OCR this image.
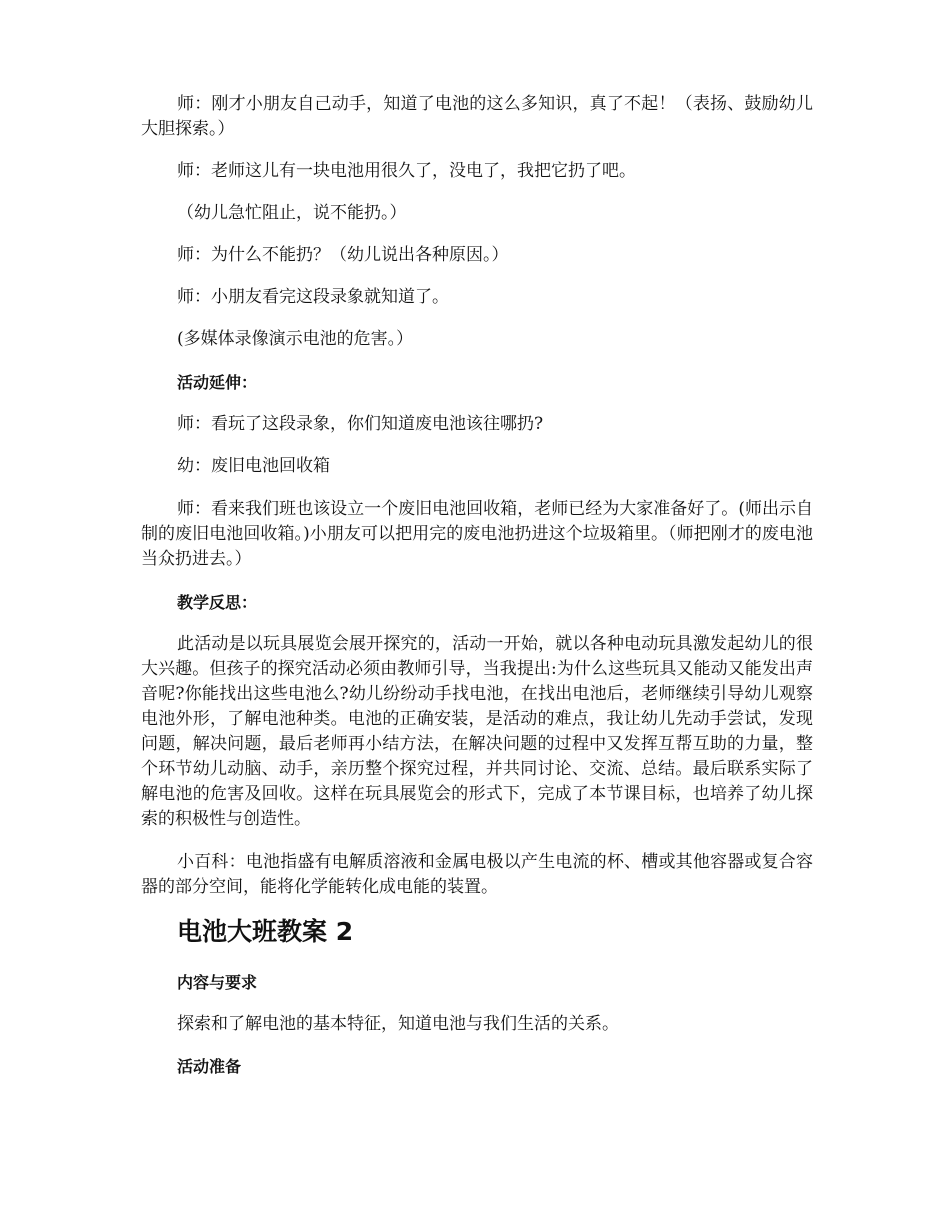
师：刚才小朋友自己动手，知道了电池的这么多知识，真了不起！（表扬、鼓励幼儿大胆探索。）

师：老师这儿有一块电池用很久了，没电了，我把它扔了吧。

（幼儿急忙阻止，说不能扔。）

师：为什么不能扔？（幼儿说出各种原因。）

师：小朋友看完这段录象就知道了。

(多媒体录像演示电池的危害。）

活动延伸：

师：看玩了这段录象，你们知道废电池该往哪扔?

幼：废旧电池回收箱

师：看来我们班也该设立一个废旧电池回收箱，老师已经为大家准备好了。(师出示自制的废旧电池回收箱。)小朋友可以把用完的废电池扔进这个垃圾箱里。（师把刚才的废电池当众扔进去。）

教学反思：

此活动是以玩具展览会展开探究的，活动一开始，就以各种电动玩具激发起幼儿的很大兴趣。但孩子的探究活动必须由教师引导，当我提出:为什么这些玩具又能动又能发出声音呢?你能找出这些电池么?幼儿纷纷动手找电池，在找出电池后，老师继续引导幼儿观察电池外形，了解电池种类。电池的正确安装，是活动的难点，我让幼儿先动手尝试，发现问题，解决问题，最后老师再小结方法，在解决问题的过程中又发挥互帮互助的力量，整个环节幼儿动脑、动手，亲历整个探究过程，并共同讨论、交流、总结。最后联系实际了解电池的危害及回收。这样在玩具展览会的形式下，完成了本节课目标，也培养了幼儿探索的积极性与创造性。

小百科：电池指盛有电解质溶液和金属电极以产生电流的杯、槽或其他容器或复合容器的部分空间，能将化学能转化成电能的装置。

电池大班教案 2

内容与要求

探索和了解电池的基本特征，知道电池与我们生活的关系。

活动准备
